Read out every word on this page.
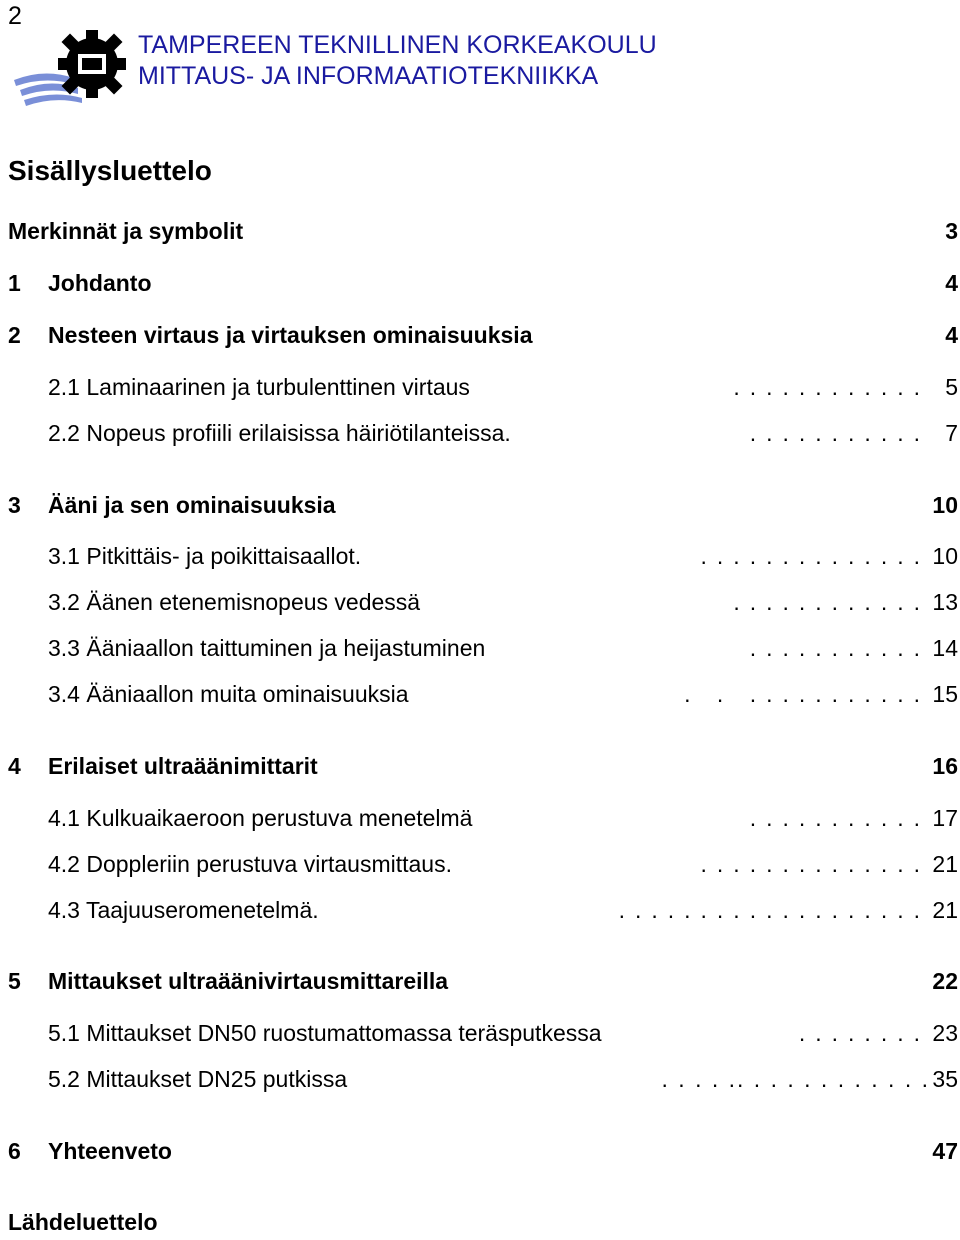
2
TAMPEREEN TEKNILLINEN KORKEAKOULU
MITTAUS- JA INFORMAATIOTEKNIIKKA
Sisällysluettelo
Merkinnät ja symbolit	3
1 Johdanto	4
2 Nesteen virtaus ja virtauksen ominaisuuksia	4
2.1 Laminaarinen ja turbulenttinen virtaus	............ 5
2.2 Nopeus profiili erilaisissa häiriötilanteissa.	........... 7
3 Ääni ja sen ominaisuuksia	10
3.1 Pitkittäis- ja poikittaisaallot.	.............. 10
3.2 Äänen etenemisnopeus vedessä	............ 13
3.3 Ääniaallon taittuminen ja heijastuminen	........... 14
3.4 Ääniaallon muita ominaisuuksia	. . ........... 15
4 Erilaiset ultraäänimittarit	16
4.1 Kulkuaikaeroon perustuva menetelmä	........... 17
4.2 Doppleriin perustuva virtausmittaus.	.............. 21
4.3 Taajuuseromenetelmä.	................... 21
5 Mittaukset ultraäänivirtausmittareilla	22
5.1 Mittaukset DN50 ruostumattomassa teräsputkessa	........ 23
5.2 Mittaukset DN25 putkissa	. . . . .. . . . . . . . . . . . 35
6 Yhteenveto	47
Lähdeluettelo
